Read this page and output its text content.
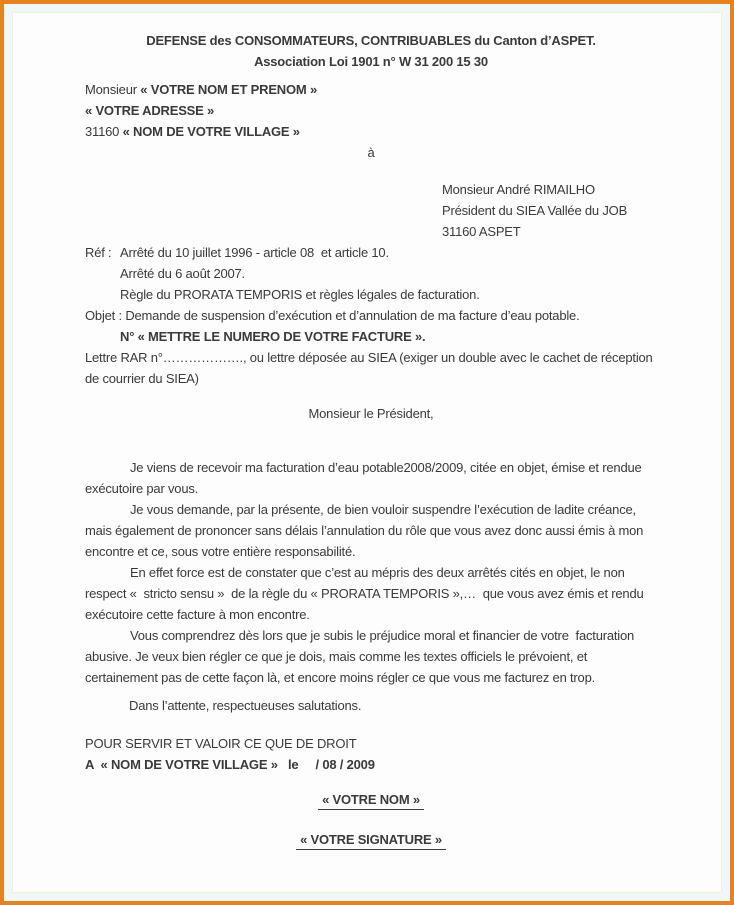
DEFENSE des CONSOMMATEURS, CONTRIBUABLES du Canton d’ASPET.
Association Loi 1901 n° W 31 200 15 30
Monsieur « VOTRE NOM ET PRENOM »
« VOTRE ADRESSE »
31160 « NOM DE VOTRE VILLAGE »
à
Monsieur André RIMAILHO
Président du SIEA Vallée du JOB
31160 ASPET
Réf : Arrêté du 10 juillet 1996 - article 08  et article 10.
Arrêté du 6 août 2007.
Règle du PRORATA TEMPORIS et règles légales de facturation.
Objet : Demande de suspension d’exécution et d’annulation de ma facture d’eau potable.
N° « METTRE LE NUMERO DE VOTRE FACTURE ».
Lettre RAR n°………………., ou lettre déposée au SIEA (exiger un double avec le cachet de réception de courrier du SIEA)
Monsieur le Président,
Je viens de recevoir ma facturation d’eau potable2008/2009, citée en objet, émise et rendue exécutoire par vous.
Je vous demande, par la présente, de bien vouloir suspendre l’exécution de ladite créance, mais également de prononcer sans délais l’annulation du rôle que vous avez donc aussi émis à mon encontre et ce, sous votre entière responsabilité.
En effet force est de constater que c’est au mépris des deux arrêtés cités en objet, le non respect «  stricto sensu »  de la règle du « PRORATA TEMPORIS »,…  que vous avez émis et rendu exécutoire cette facture à mon encontre.
Vous comprendrez dès lors que je subis le préjudice moral et financier de votre  facturation abusive. Je veux bien régler ce que je dois, mais comme les textes officiels le prévoient, et certainement pas de cette façon là, et encore moins régler ce que vous me facturez en trop.
Dans l’attente, respectueuses salutations.
POUR SERVIR ET VALOIR CE QUE DE DROIT
A  « NOM DE VOTRE VILLAGE »   le     / 08 / 2009
« VOTRE NOM »
« VOTRE SIGNATURE »
